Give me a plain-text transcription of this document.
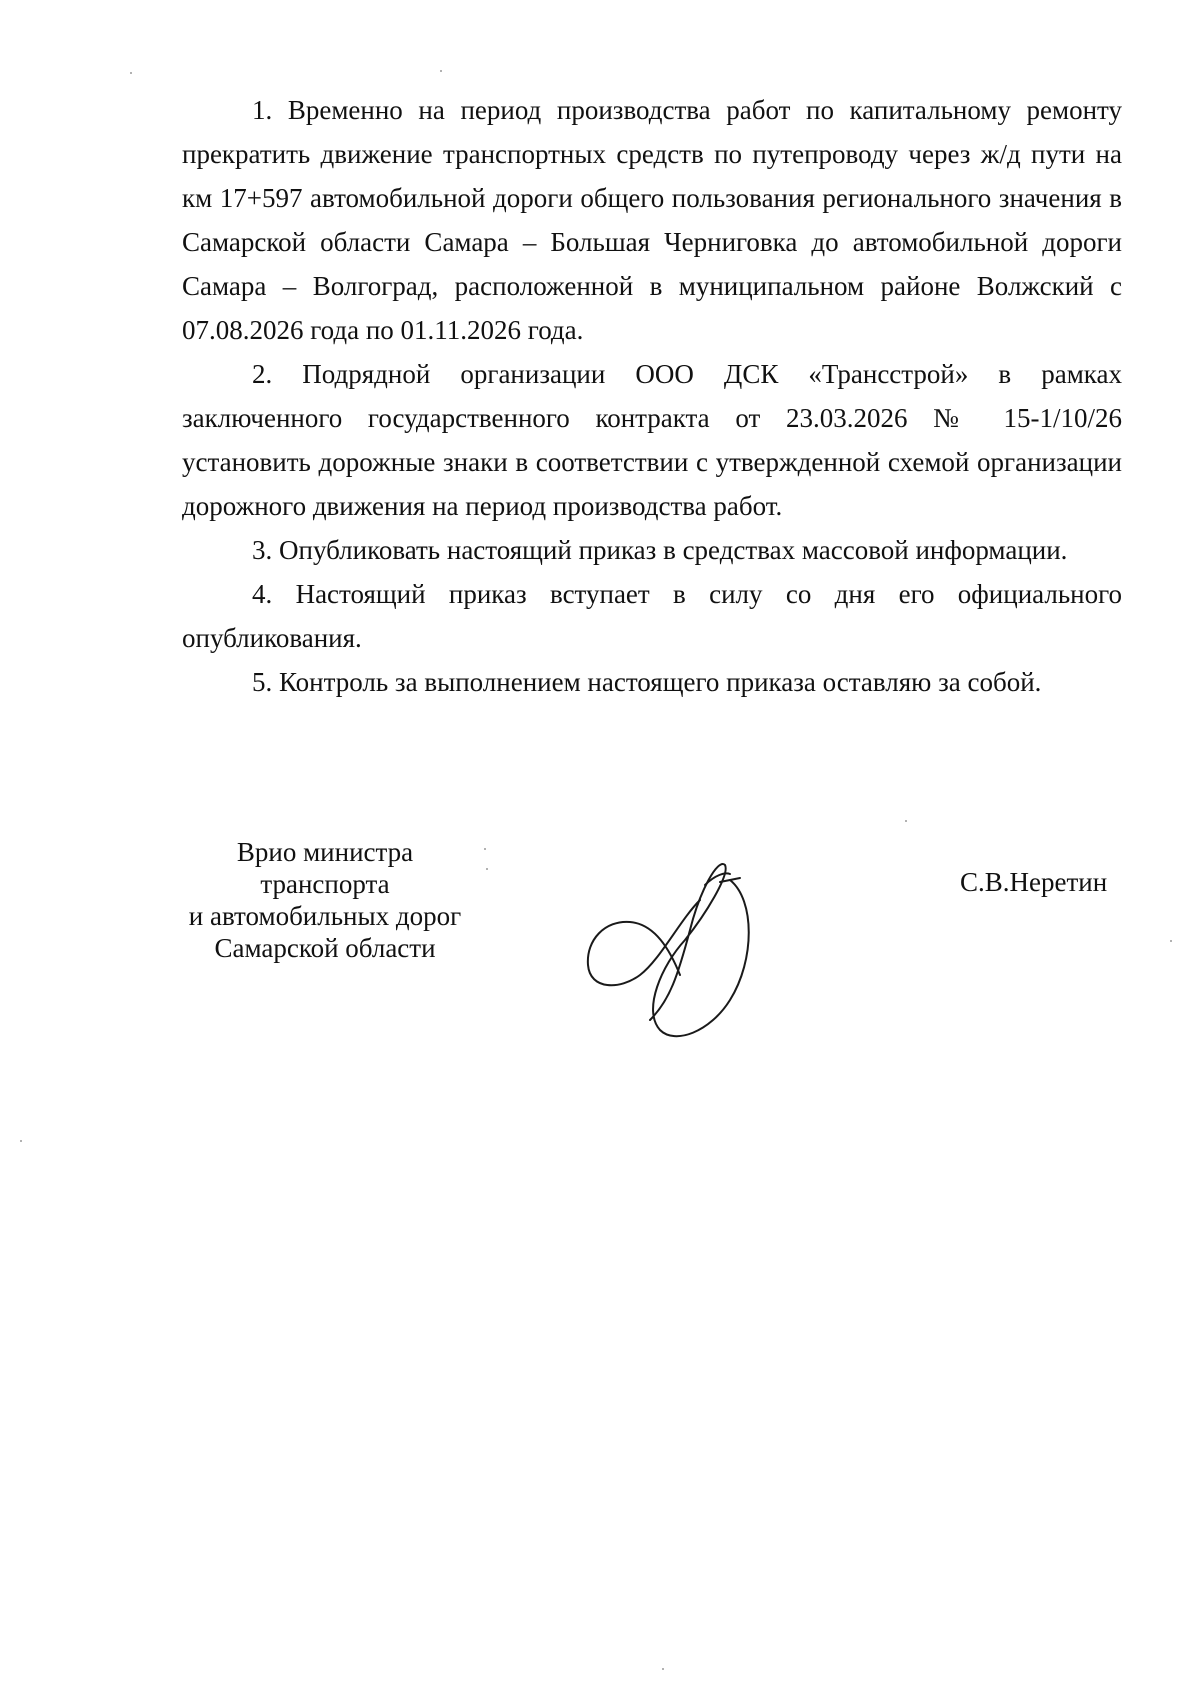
1. Временно на период производства работ по капитальному ремонту прекратить движение транспортных средств по путепроводу через ж/д пути на км 17+597 автомобильной дороги общего пользования регионального значения в Самарской области Самара – Большая Черниговка до автомобильной дороги Самара – Волгоград, расположенной в муниципальном районе Волжский с 07.08.2026 года по 01.11.2026 года.

2. Подрядной организации ООО ДСК «Трансстрой» в рамках заключенного государственного контракта от 23.03.2026 № 15-1/10/26 установить дорожные знаки в соответствии с утвержденной схемой организации дорожного движения на период производства работ.

3. Опубликовать настоящий приказ в средствах массовой информации.

4. Настоящий приказ вступает в силу со дня его официального опубликования.

5. Контроль за выполнением настоящего приказа оставляю за собой.

Врио министра
транспорта
и автомобильных дорог
Самарской области
С.В.Неретин
